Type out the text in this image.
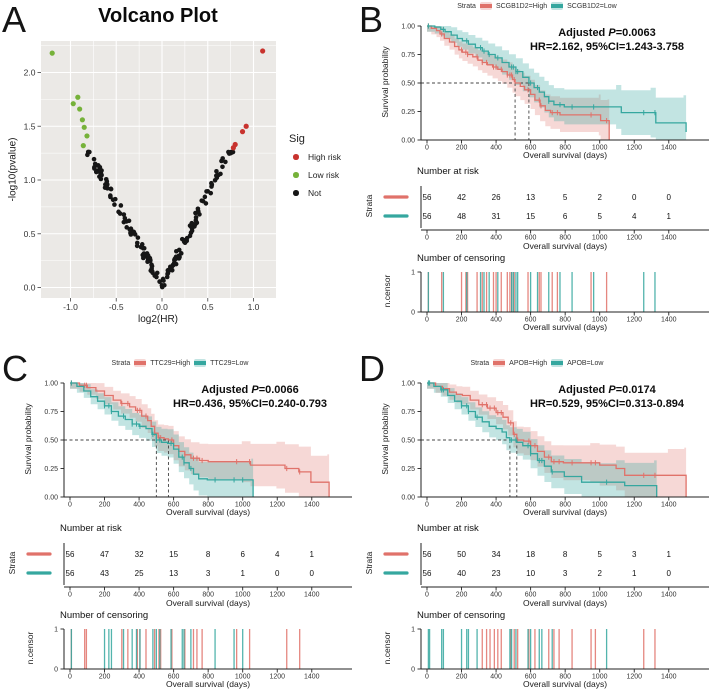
-1.0	-0.5	0.0	0.5	1.0
0.0
0.5
1.0
1.5
2.0
Volcano Plot
log2(HR)
-log10(pvalue)	Sig
High risk
Low risk
Not
A
0.00
0.25
0.50
0.75
1.00
0	200	400	600	800	1000	1200	1400
56	42	26	13	5	2	0	0
56	48	31	15	6	5	4	1
0	200	400	600	800	1000	1200	1400
1
0
0	200	400	600	800	1000	1200	1400
Strata	SCGB1D2=High	SCGB1D2=Low
Adjusted P=0.0063
HR=2.162, 95%CI=1.243-3.758
Overall survival (days)
Survival probability
Number at risk
Strata
Overall survival (days)
Number of censoring
n.censor
Overall survival (days)
B
0.00
0.25
0.50
0.75
1.00
0	200	400	600	800	1000	1200	1400
56	47	32	15	8	6	4	1
56	43	25	13	3	1	0	0
0	200	400	600	800	1000	1200	1400
1
0
0	200	400	600	800	1000	1200	1400
Strata	TTC29=High	TTC29=Low
Adjusted P=0.0066
HR=0.436, 95%CI=0.240-0.793
Overall survival (days)
Survival probability
Number at risk
Strata
Overall survival (days)
Number of censoring
n.censor
Overall survival (days)
C
0.00
0.25
0.50
0.75
1.00
0	200	400	600	800	1000	1200	1400
56	50	34	18	8	5	3	1
56	40	23	10	3	2	1	0
0	200	400	600	800	1000	1200	1400
1
0
0	200	400	600	800	1000	1200	1400
Strata	APOB=High	APOB=Low
Adjusted P=0.0174
HR=0.529, 95%CI=0.313-0.894
Overall survival (days)
Survival probability
Number at risk
Strata
Overall survival (days)
Number of censoring
n.censor
Overall survival (days)
D
